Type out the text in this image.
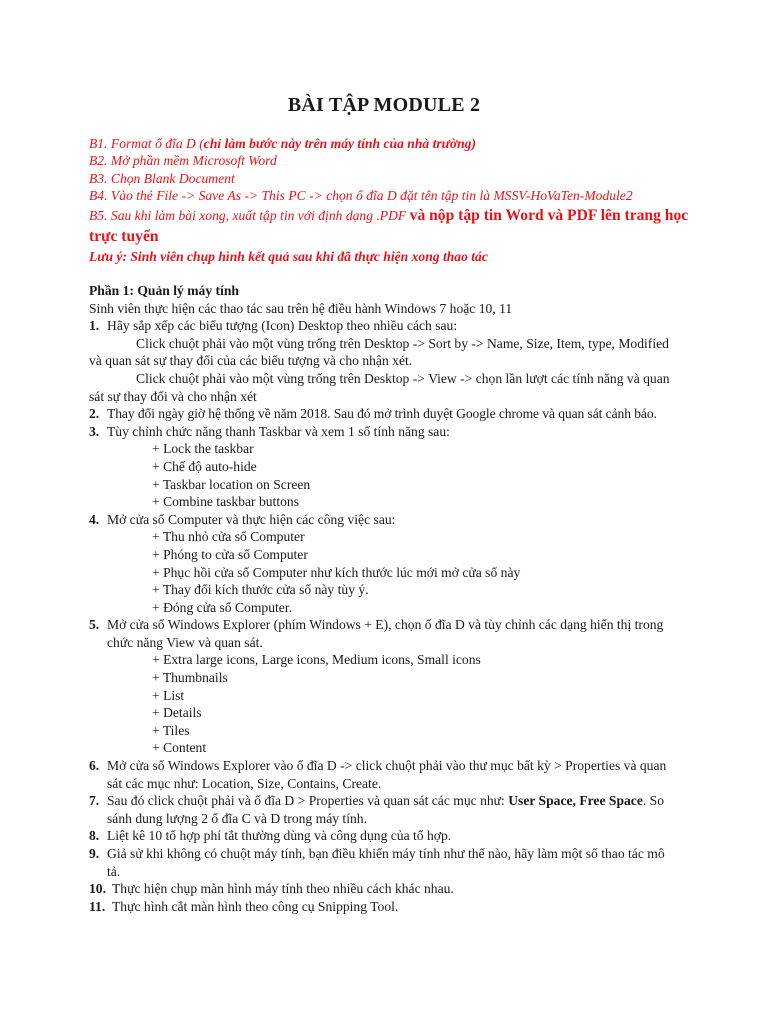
BÀI TẬP MODULE 2
B1. Format ổ đĩa D (chỉ làm bước này trên máy tính của nhà trường)
B2. Mở phần mềm Microsoft Word
B3. Chọn Blank Document
B4. Vào thẻ File -> Save As -> This PC -> chọn ổ đĩa D đặt tên tập tin là MSSV-HoVaTen-Module2
B5. Sau khi làm bài xong, xuất tập tin với định dạng .PDF và nộp tập tin Word và PDF lên trang học trực tuyến
Lưu ý: Sinh viên chụp hình kết quả sau khi đã thực hiện xong thao tác
Phần 1: Quản lý máy tính
Sinh viên thực hiện các thao tác sau trên hệ điều hành Windows 7 hoặc 10, 11
1. Hãy sắp xếp các biểu tượng (Icon) Desktop theo nhiều cách sau:
Click chuột phải vào một vùng trống trên Desktop -> Sort by -> Name, Size, Item, type, Modified và quan sát sự thay đổi của các biểu tượng và cho nhận xét.
Click chuột phải vào một vùng trống trên Desktop -> View -> chọn lần lượt các tính năng và quan sát sự thay đổi và cho nhận xét
2. Thay đổi ngày giờ hệ thống về năm 2018. Sau đó mở trình duyệt Google chrome và quan sát cảnh báo.
3. Tùy chỉnh chức năng thanh Taskbar và xem 1 số tính năng sau:
+ Lock the taskbar
+ Chế độ auto-hide
+ Taskbar location on Screen
+ Combine taskbar buttons
4. Mở cửa sổ Computer và thực hiện các công việc sau:
+ Thu nhỏ cửa sổ Computer
+ Phóng to cửa sổ Computer
+ Phục hồi cửa sổ Computer như kích thước lúc mới mở cửa sổ này
+ Thay đổi kích thước cửa sổ này tùy ý.
+ Đóng cửa sổ Computer.
5. Mở cửa sổ Windows Explorer (phím Windows + E), chọn ổ đĩa D và tùy chỉnh các dạng hiển thị trong chức năng View và quan sát.
+ Extra large icons, Large icons, Medium icons, Small icons
+ Thumbnails
+ List
+ Details
+ Tiles
+ Content
6. Mở cửa sổ Windows Explorer vào ổ đĩa D -> click chuột phải vào thư mục bất kỳ > Properties và quan sát các mục như: Location, Size, Contains, Create.
7. Sau đó click chuột phải và ổ đĩa D > Properties và quan sát các mục như: User Space, Free Space. So sánh dung lượng 2 ổ đĩa C và D trong máy tính.
8. Liệt kê 10 tổ hợp phí tắt thường dùng và công dụng của tổ hợp.
9. Giả sử khi không có chuột máy tính, bạn điều khiển máy tính như thế nào, hãy làm một số thao tác mô tả.
10. Thực hiện chụp màn hình máy tính theo nhiều cách khác nhau.
11. Thực hình cắt màn hình theo công cụ Snipping Tool.
